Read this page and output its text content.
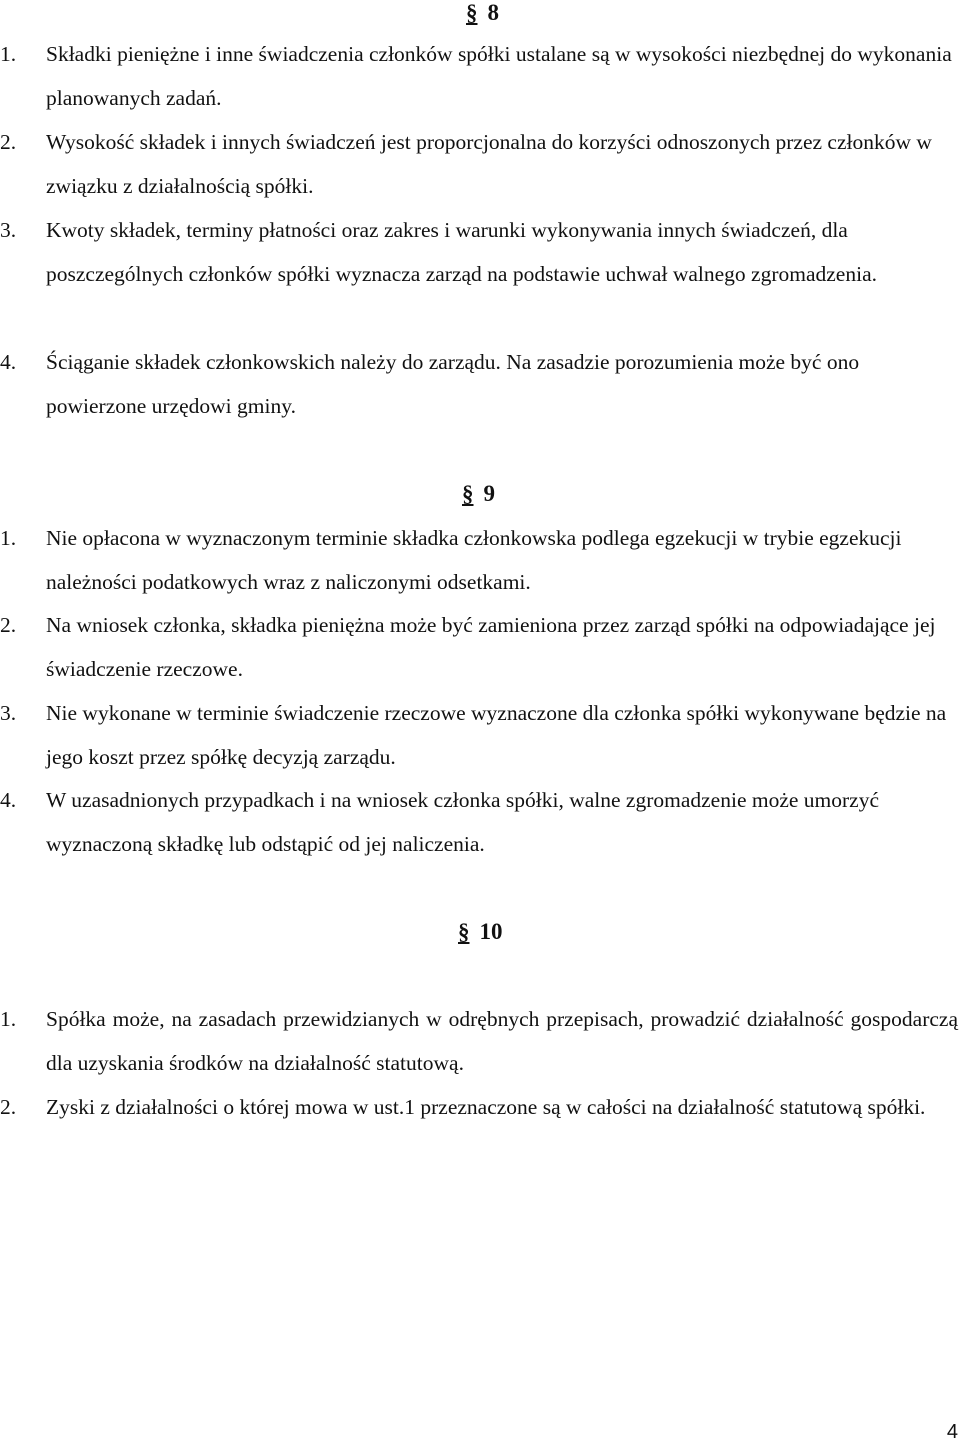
§ 8
1.	Składki pieniężne i inne świadczenia członków spółki ustalane są w wysokości niezbędnej do wykonania planowanych zadań.
2.	Wysokość składek i innych świadczeń jest proporcjonalna do korzyści odnoszonych przez członków w związku z działalnością spółki.
3.	Kwoty składek, terminy płatności oraz zakres i warunki wykonywania innych świadczeń, dla poszczególnych członków spółki wyznacza zarząd na podstawie uchwał walnego zgromadzenia.
4.	Ściąganie składek członkowskich należy do zarządu. Na zasadzie porozumienia może być ono powierzone urzędowi gminy.
§ 9
1.	Nie opłacona w wyznaczonym terminie składka członkowska podlega egzekucji w trybie egzekucji należności podatkowych wraz z naliczonymi odsetkami.
2.	Na wniosek członka, składka pieniężna może być zamieniona przez zarząd spółki na odpowiadające jej świadczenie rzeczowe.
3.	Nie wykonane w terminie świadczenie rzeczowe wyznaczone dla członka spółki wykonywane będzie na jego koszt przez spółkę decyzją zarządu.
4.	W uzasadnionych przypadkach i na wniosek członka spółki, walne zgromadzenie może umorzyć wyznaczoną składkę lub odstąpić od jej naliczenia.
§ 10
1.	Spółka może, na zasadach przewidzianych w odrębnych przepisach, prowadzić działalność gospodarczą dla uzyskania środków na działalność statutową.
2.	Zyski z działalności o której mowa w ust.1 przeznaczone są w całości na działalność statutową spółki.
4
